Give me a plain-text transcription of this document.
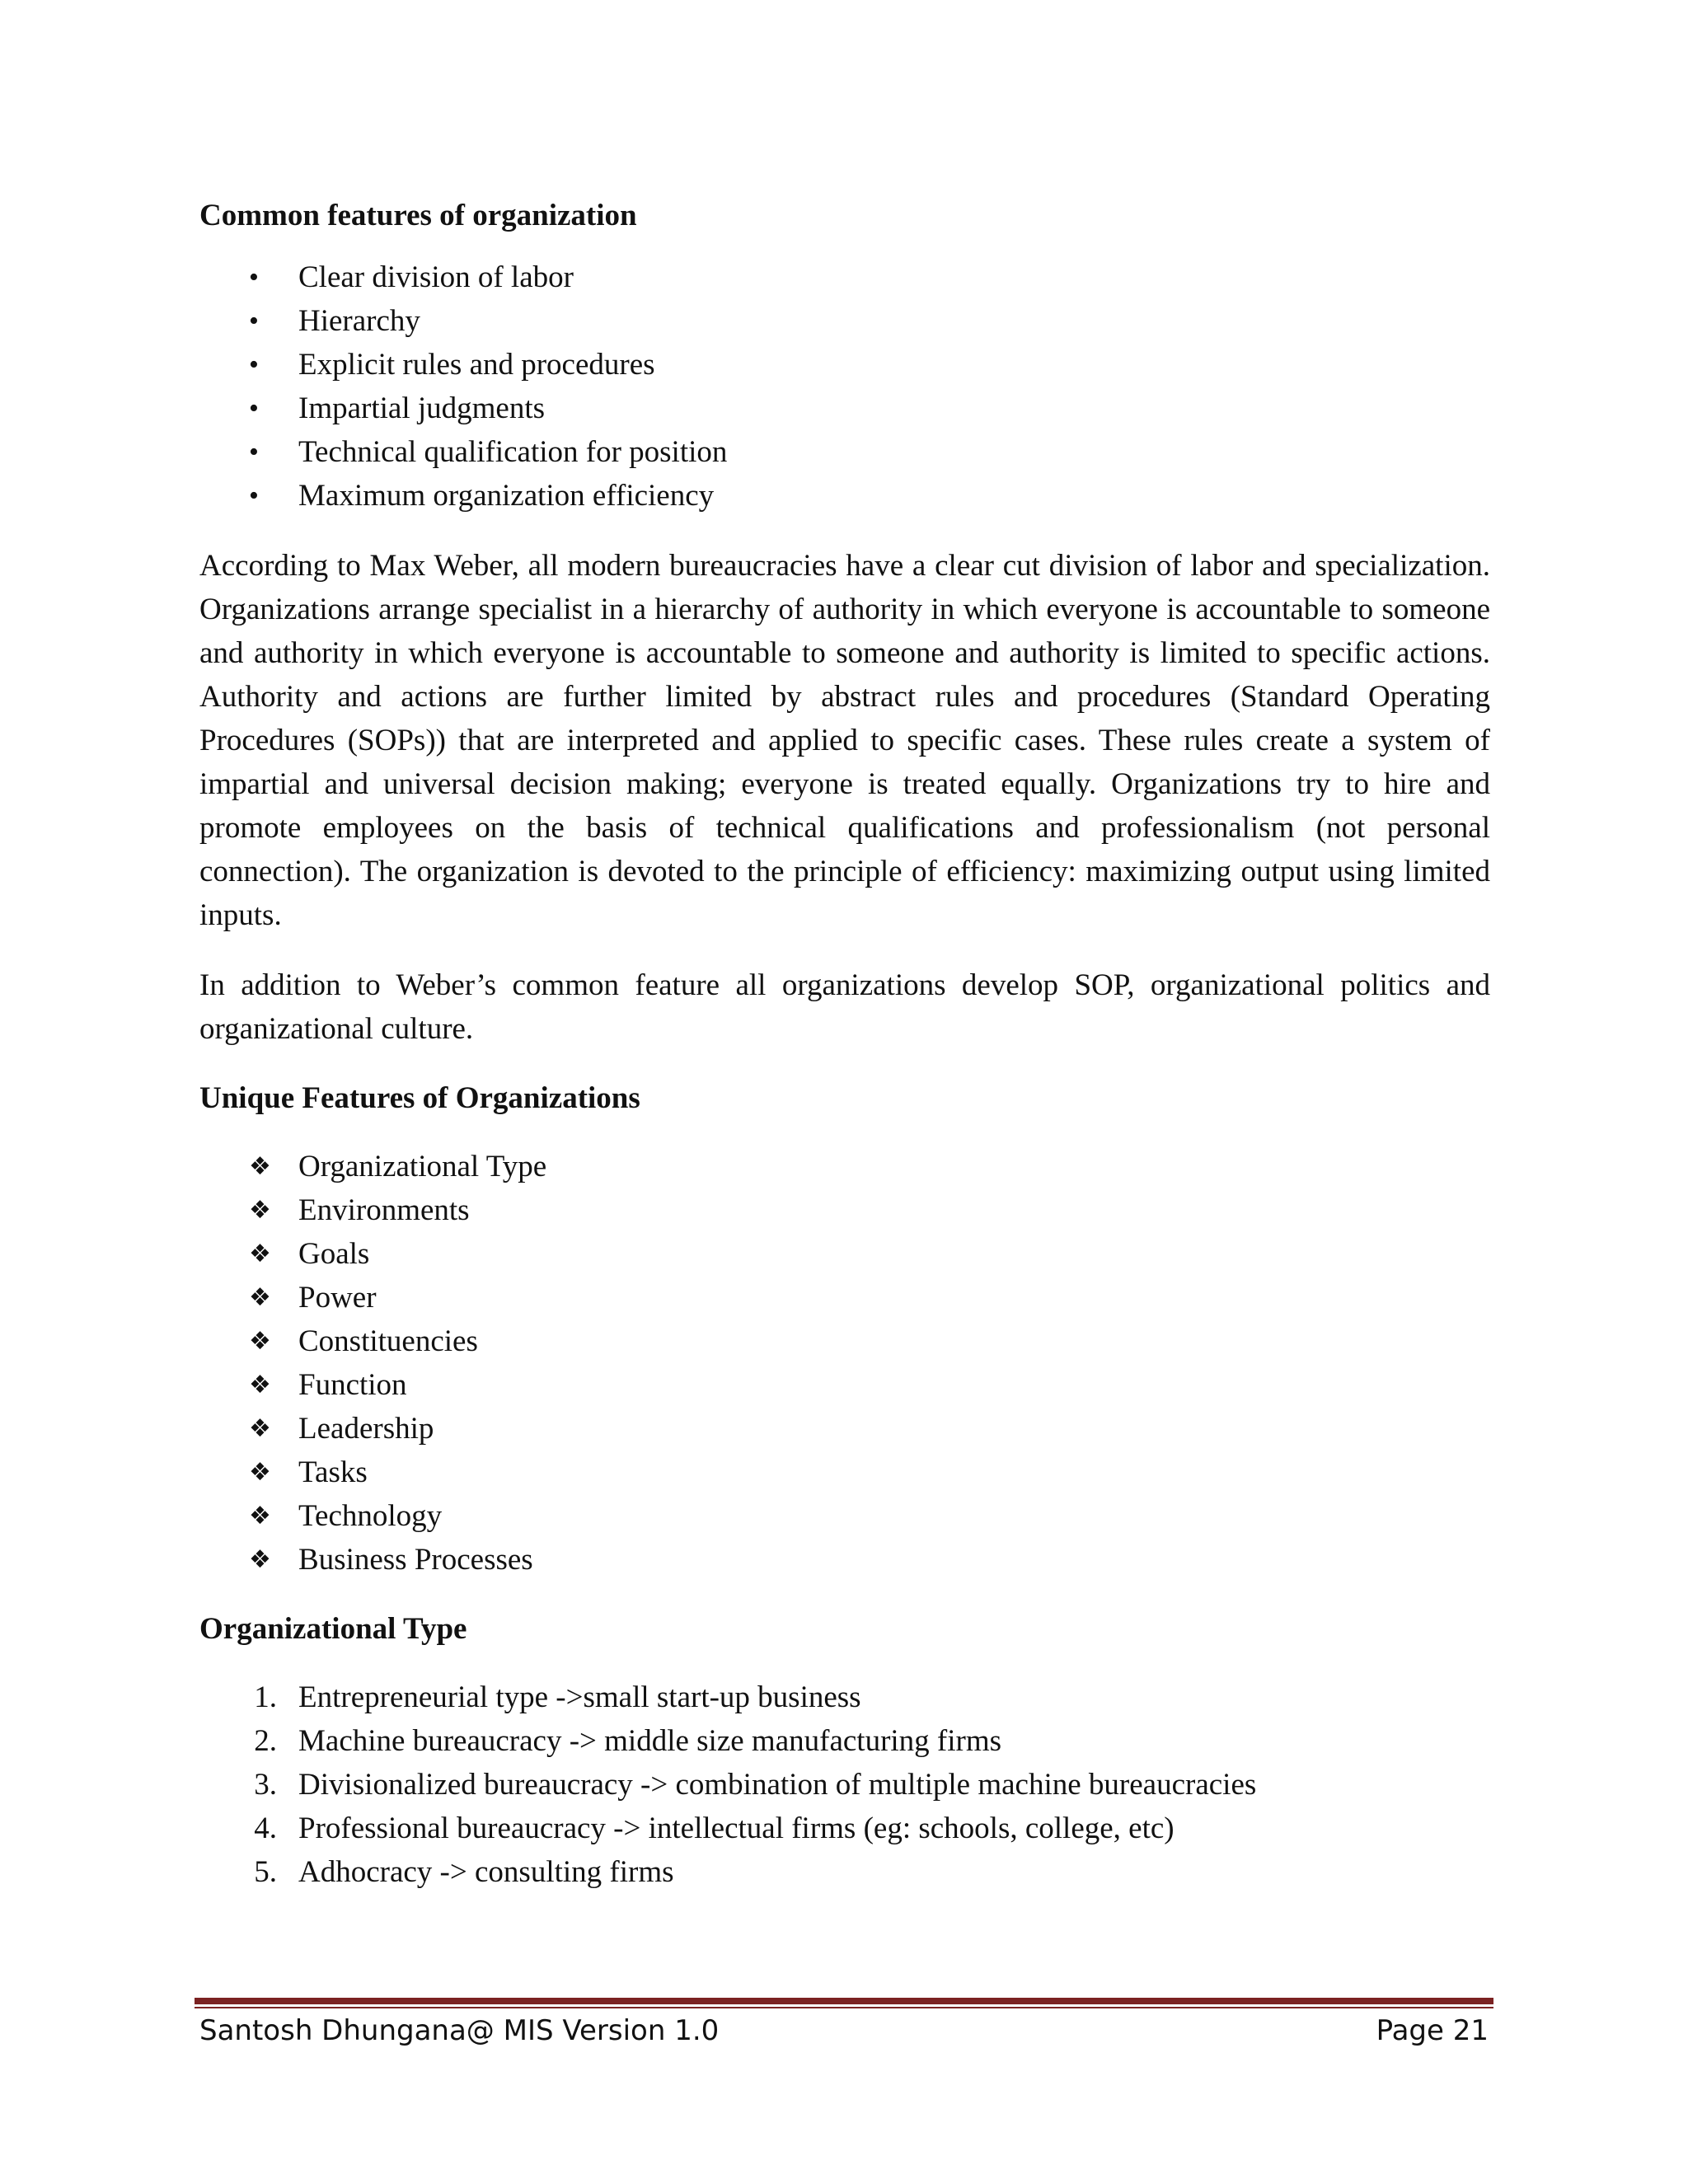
Common features of organization

•	Clear division of labor
•	Hierarchy
•	Explicit rules and procedures
•	Impartial judgments
•	Technical qualification for position
•	Maximum organization efficiency

According to Max Weber, all modern bureaucracies have a clear cut division of labor and specialization. Organizations arrange specialist in a hierarchy of authority in which everyone is accountable to someone and authority in which everyone is accountable to someone and authority is limited to specific actions. Authority and actions are further limited by abstract rules and procedures (Standard Operating Procedures (SOPs)) that are interpreted and applied to specific cases. These rules create a system of impartial and universal decision making; everyone is treated equally. Organizations try to hire and promote employees on the basis of technical qualifications and professionalism (not personal connection). The organization is devoted to the principle of efficiency: maximizing output using limited inputs.

In addition to Weber’s common feature all organizations develop SOP, organizational politics and organizational culture.

Unique Features of Organizations

❖ Organizational Type
❖ Environments
❖ Goals
❖ Power
❖ Constituencies
❖ Function
❖ Leadership
❖ Tasks
❖ Technology
❖ Business Processes

Organizational Type

1. Entrepreneurial type ->small start-up business
2. Machine bureaucracy -> middle size manufacturing firms
3. Divisionalized bureaucracy -> combination of multiple machine bureaucracies
4. Professional bureaucracy -> intellectual firms (eg: schools, college, etc)
5. Adhocracy -> consulting firms
Santosh Dhungana@ MIS Version 1.0	Page 21
